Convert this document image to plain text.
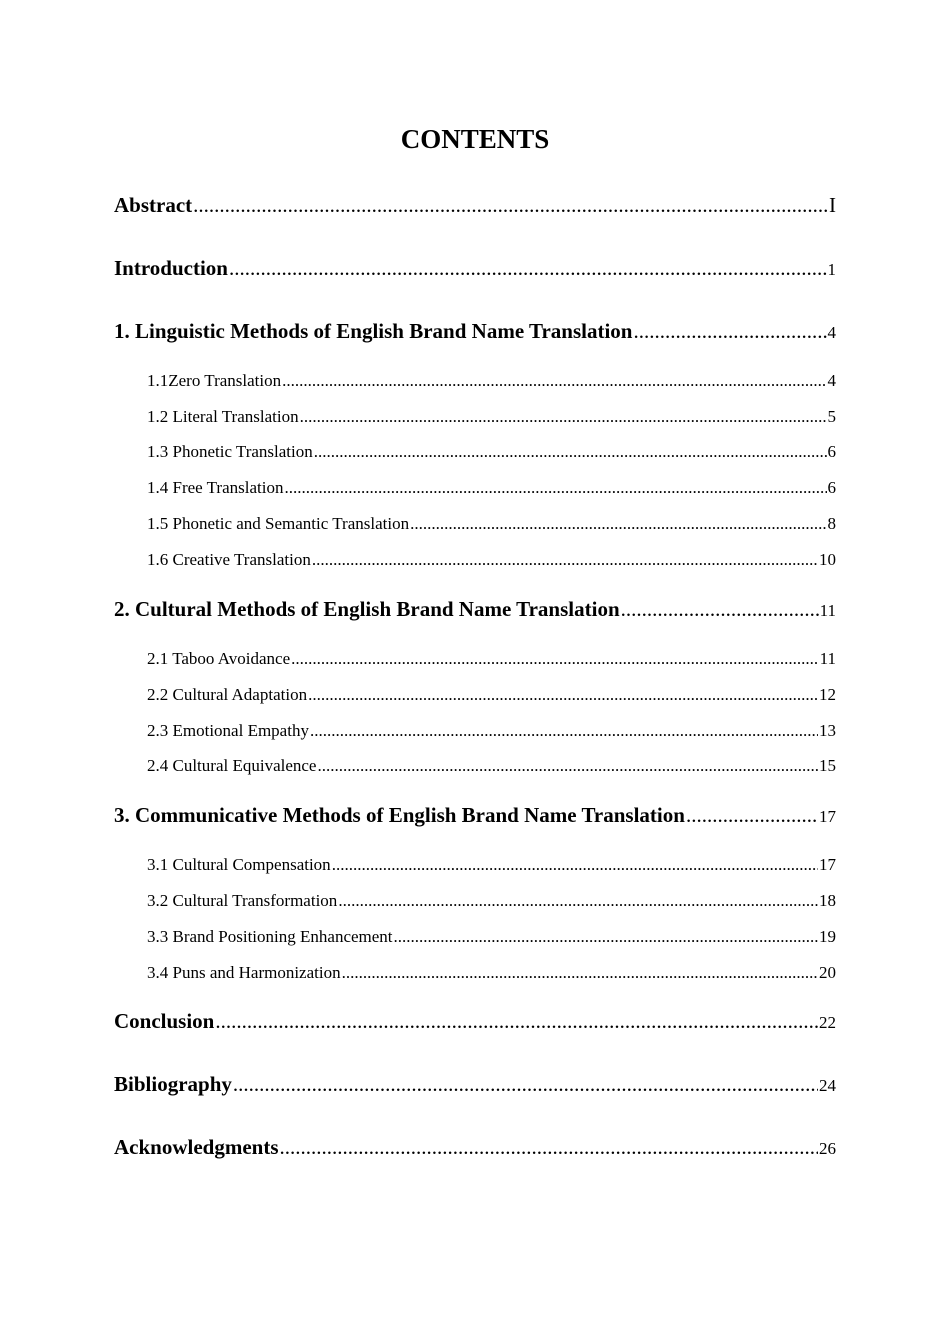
CONTENTS
Abstract .....	I
Introduction .....	1
1. Linguistic Methods of English Brand Name Translation .....	4
1.1Zero Translation .....	4
1.2 Literal Translation .....	5
1.3 Phonetic Translation .....	6
1.4 Free Translation .....	6
1.5 Phonetic and Semantic Translation .....	8
1.6 Creative Translation .....	10
2. Cultural Methods of English Brand Name Translation .....	11
2.1 Taboo Avoidance .....	11
2.2 Cultural Adaptation .....	12
2.3 Emotional Empathy .....	13
2.4 Cultural Equivalence .....	15
3. Communicative Methods of English Brand Name Translation .....	17
3.1 Cultural Compensation .....	17
3.2 Cultural Transformation .....	18
3.3 Brand Positioning Enhancement .....	19
3.4 Puns and Harmonization .....	20
Conclusion .....	22
Bibliography .....	24
Acknowledgments .....	26
